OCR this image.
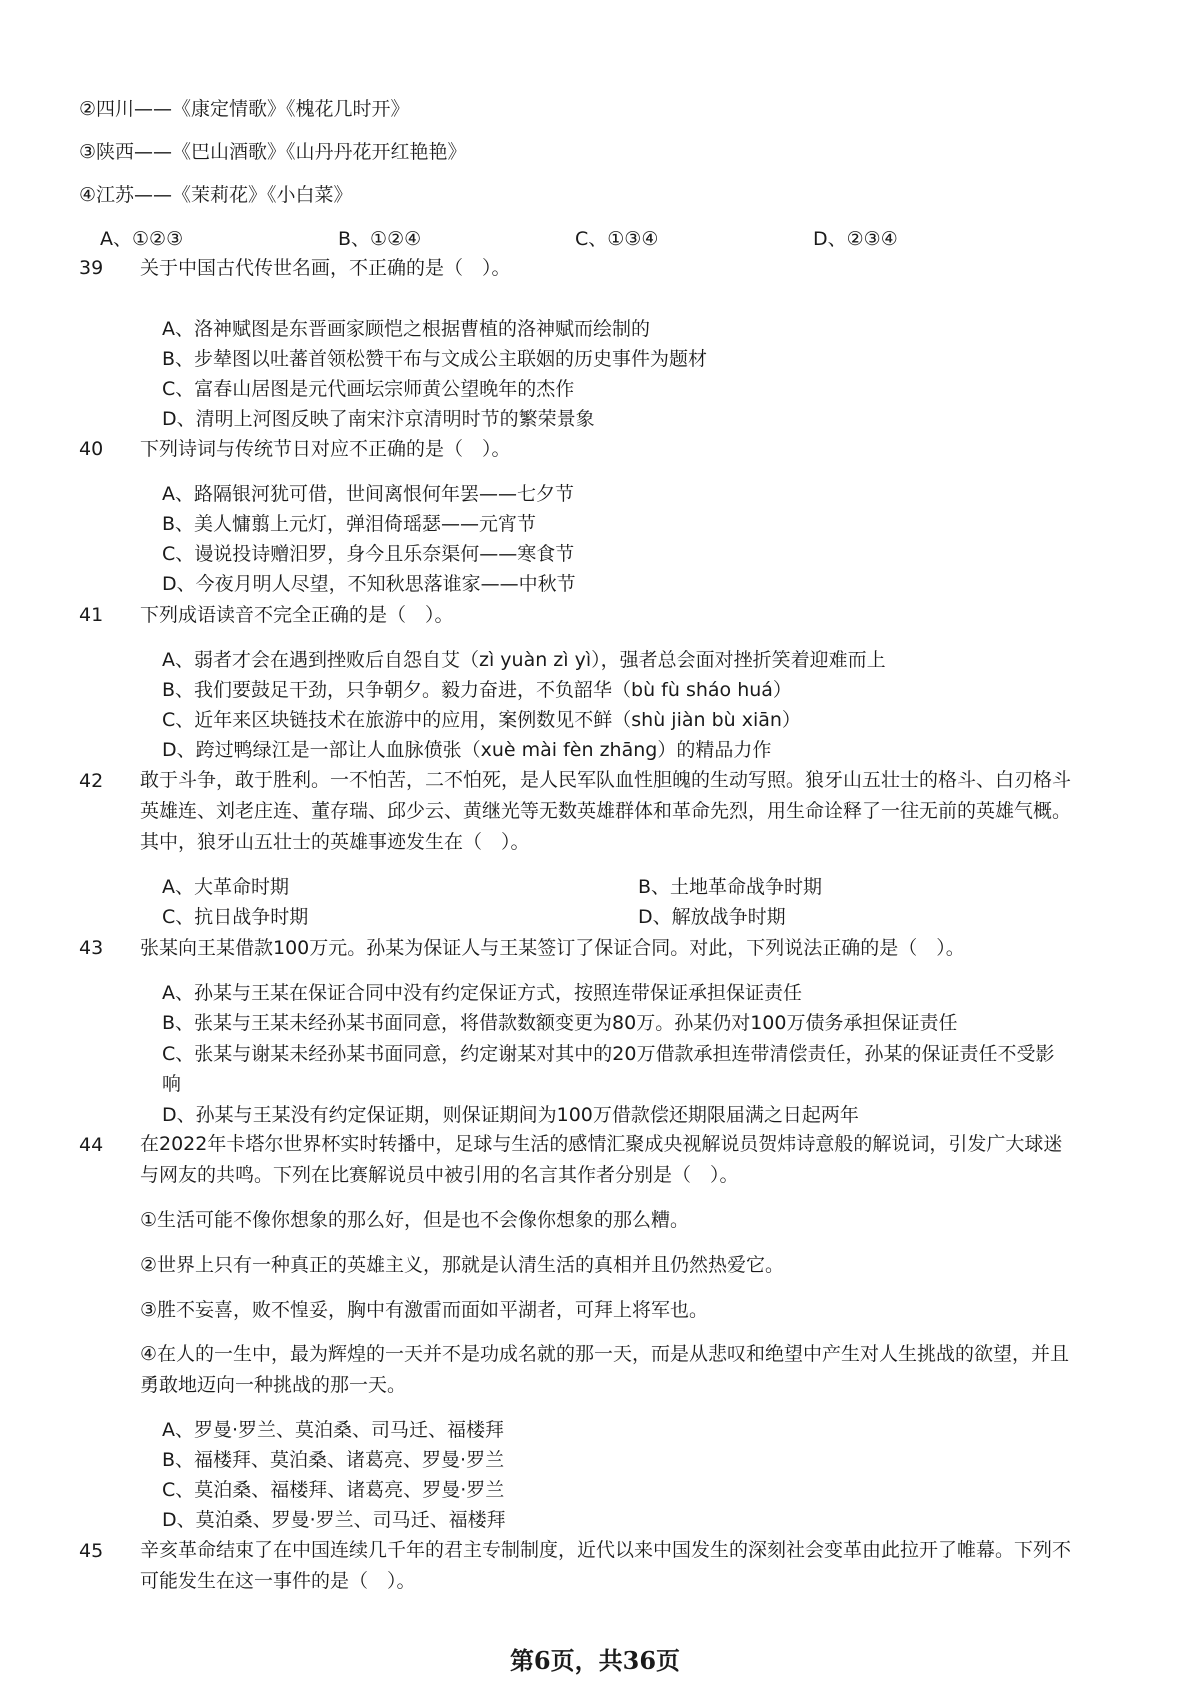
②四川——《康定情歌》《槐花几时开》
③陕西——《巴山酒歌》《山丹丹花开红艳艳》
④江苏——《茉莉花》《小白菜》
A、①②③	B、①②④	C、①③④	D、②③④
39 关于中国古代传世名画，不正确的是（　）。
A、洛神赋图是东晋画家顾恺之根据曹植的洛神赋而绘制的
B、步辇图以吐蕃首领松赞干布与文成公主联姻的历史事件为题材
C、富春山居图是元代画坛宗师黄公望晚年的杰作
D、清明上河图反映了南宋汴京清明时节的繁荣景象
40 下列诗词与传统节日对应不正确的是（　）。
A、路隔银河犹可借，世间离恨何年罢——七夕节
B、美人慵翦上元灯，弹泪倚瑶瑟——元宵节
C、谩说投诗赠汨罗，身今且乐奈渠何——寒食节
D、今夜月明人尽望，不知秋思落谁家——中秋节
41 下列成语读音不完全正确的是（　）。
A、弱者才会在遇到挫败后自怨自艾（zì yuàn zì yì），强者总会面对挫折笑着迎难而上
B、我们要鼓足干劲，只争朝夕。毅力奋进，不负韶华（bù fù sháo huá）
C、近年来区块链技术在旅游中的应用，案例数见不鲜（shù jiàn bù xiān）
D、跨过鸭绿江是一部让人血脉偾张（xuè mài fèn zhāng）的精品力作
42 敢于斗争，敢于胜利。一不怕苦，二不怕死，是人民军队血性胆魄的生动写照。狼牙山五壮士的格斗、白刃格斗英雄连、刘老庄连、董存瑞、邱少云、黄继光等无数英雄群体和革命先烈，用生命诠释了一往无前的英雄气概。其中，狼牙山五壮士的英雄事迹发生在（　）。
A、大革命时期	B、土地革命战争时期
C、抗日战争时期	D、解放战争时期
43 张某向王某借款100万元。孙某为保证人与王某签订了保证合同。对此，下列说法正确的是（　）。
A、孙某与王某在保证合同中没有约定保证方式，按照连带保证承担保证责任
B、张某与王某未经孙某书面同意，将借款数额变更为80万。孙某仍对100万债务承担保证责任
C、张某与谢某未经孙某书面同意，约定谢某对其中的20万借款承担连带清偿责任，孙某的保证责任不受影响
D、孙某与王某没有约定保证期，则保证期间为100万借款偿还期限届满之日起两年
44 在2022年卡塔尔世界杯实时转播中，足球与生活的感情汇聚成央视解说员贺炜诗意般的解说词，引发广大球迷与网友的共鸣。下列在比赛解说员中被引用的名言其作者分别是（　）。
①生活可能不像你想象的那么好，但是也不会像你想象的那么糟。
②世界上只有一种真正的英雄主义，那就是认清生活的真相并且仍然热爱它。
③胜不妄喜，败不惶妥，胸中有激雷而面如平湖者，可拜上将军也。
④在人的一生中，最为辉煌的一天并不是功成名就的那一天，而是从悲叹和绝望中产生对人生挑战的欲望，并且勇敢地迈向一种挑战的那一天。
A、罗曼·罗兰、莫泊桑、司马迁、福楼拜
B、福楼拜、莫泊桑、诸葛亮、罗曼·罗兰
C、莫泊桑、福楼拜、诸葛亮、罗曼·罗兰
D、莫泊桑、罗曼·罗兰、司马迁、福楼拜
45 辛亥革命结束了在中国连续几千年的君主专制制度，近代以来中国发生的深刻社会变革由此拉开了帷幕。下列不可能发生在这一事件的是（　）。
第6页，共36页
